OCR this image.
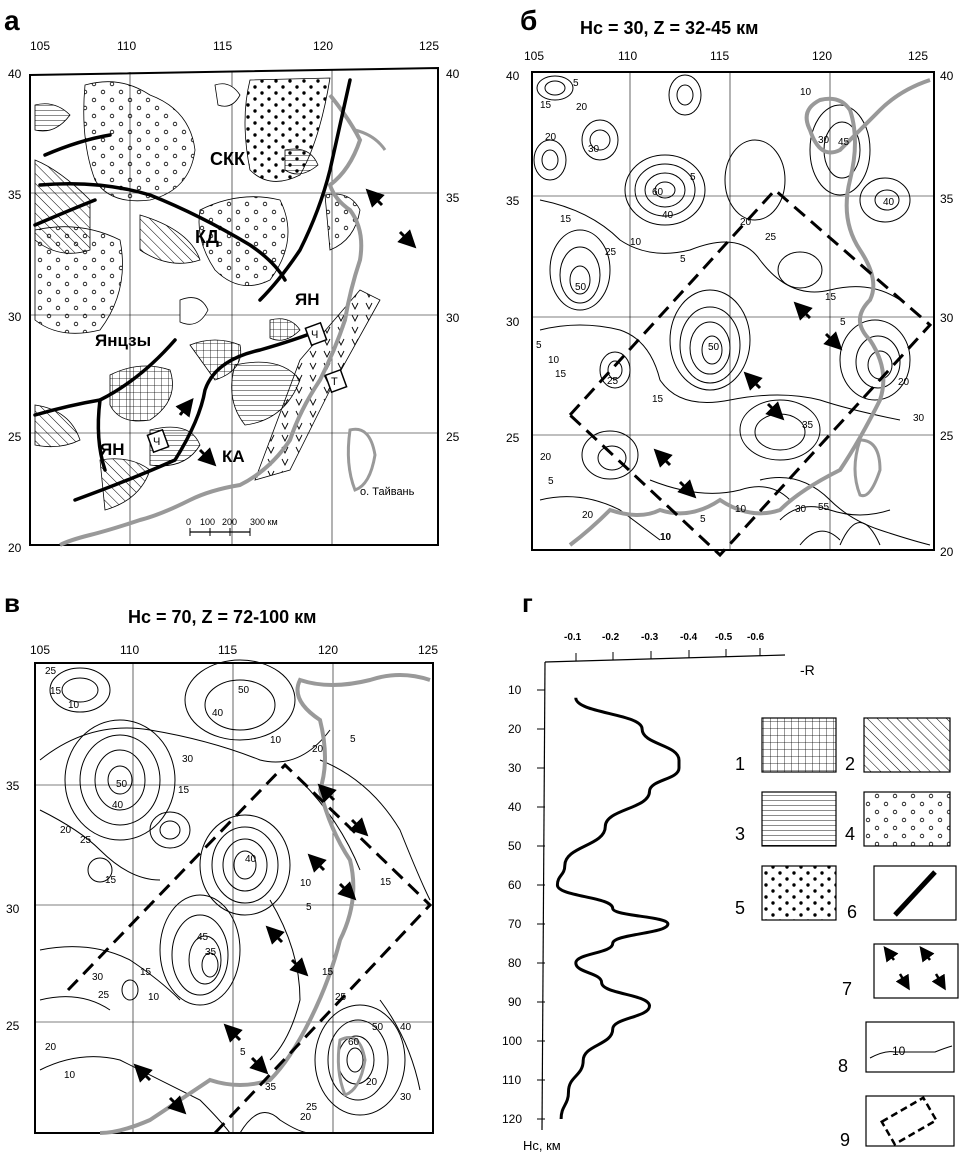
а
105	110	115	120	125
40
35
30
25
20
40
35
30
25
Т
Ч
Ч
СКК
КД
ЯН
Янцзы
ЯН	КА
о. Тайвань
0 100 200 300 км
б Hc = 30, Z = 32-45 км
105	110	115	120	125
40
35
30
25
40
35
30
25
20
5
15 20
30
20	45
30
10
60
40
5
40
15
50
25
10
5
15
20
25
50
5
10
15
5
25	20
30
15
35
20
55
30
10
10
20	5
5
в	Hc = 70, Z = 72-100 км
105	110	115	120	125
35
30
25
25
15
10
50
40
30
20
15
40
50
10	5
25
15
20
40
10
5
45
35
30
25
20
15
10
15
10
5
35
25
20
60
50 40
30
15
20
25
г
-0.1 -0.2 -0.3 -0.4 -0.5 -0.6
-R
10
20
30
40
50
60
70
80
90
100
110
120
Hc, км
1	2
3	4
5	6
7
10
8
9
